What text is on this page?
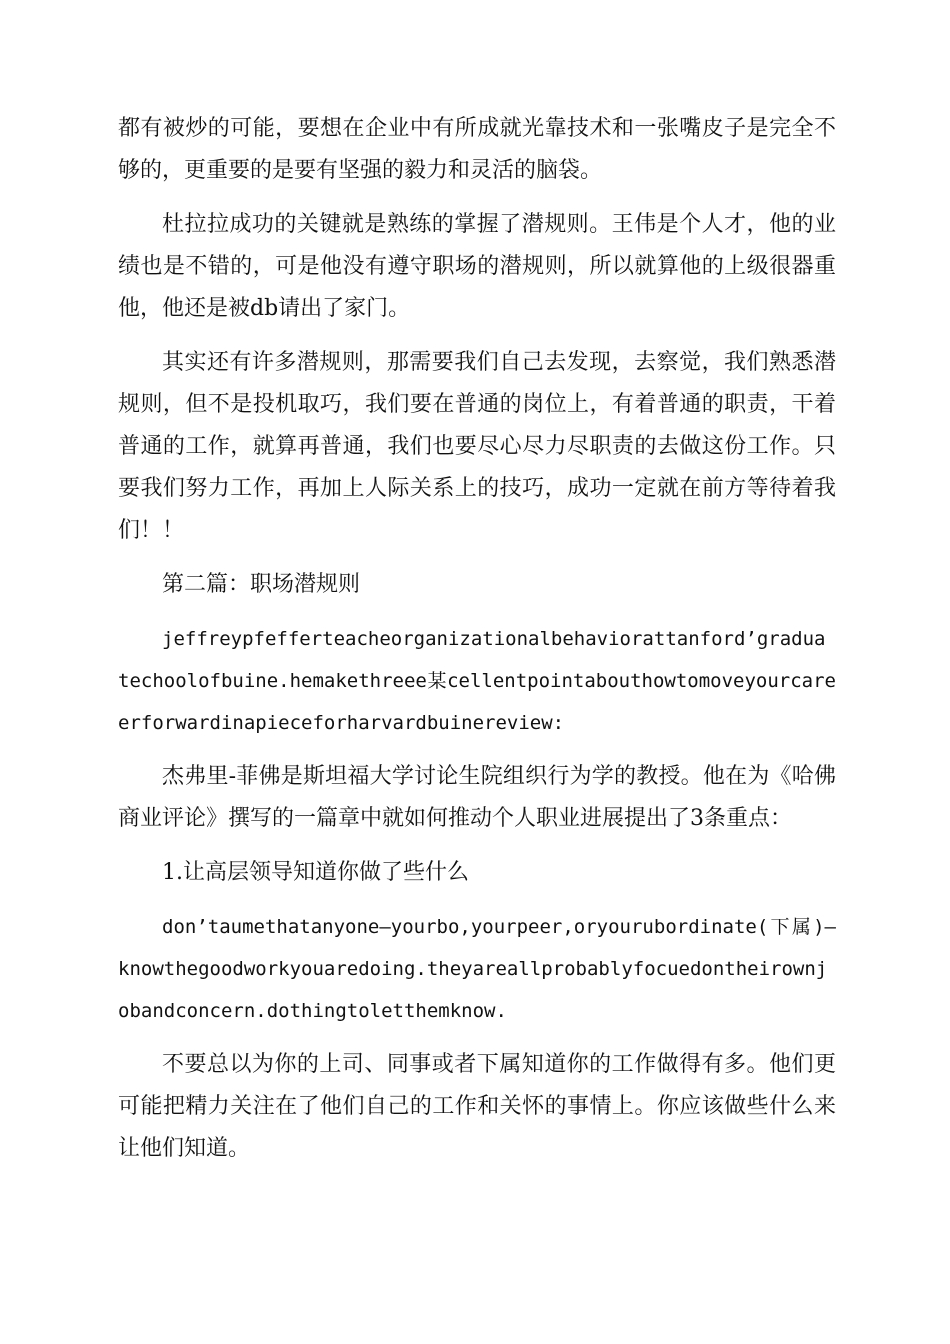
都有被炒的可能，要想在企业中有所成就光靠技术和一张嘴皮子是完全不够的，更重要的是要有坚强的毅力和灵活的脑袋。

杜拉拉成功的关键就是熟练的掌握了潜规则。王伟是个人才，他的业绩也是不错的，可是他没有遵守职场的潜规则，所以就算他的上级很器重他，他还是被db请出了家门。

其实还有许多潜规则，那需要我们自己去发现，去察觉，我们熟悉潜规则，但不是投机取巧，我们要在普通的岗位上，有着普通的职责，干着普通的工作，就算再普通，我们也要尽心尽力尽职责的去做这份工作。只要我们努力工作，再加上人际关系上的技巧，成功一定就在前方等待着我们！！

第二篇：职场潜规则

jeffreypfefferteacheorganizationalbehaviorattanford’graduatechoolofbuine.hemakethreee某cellentpointabouthowtomoveyourcareerforwardinapieceforharvardbuinereview:

杰弗里-菲佛是斯坦福大学讨论生院组织行为学的教授。他在为《哈佛商业评论》撰写的一篇章中就如何推动个人职业进展提出了3条重点：

1.让高层领导知道你做了些什么

don’taumethatanyone—yourbo,yourpeer,oryourubordinate(下属)—knowthegoodworkyouaredoing.theyareallprobablyfocuedontheirownjobandconcern.dothingtoletthemknow.

不要总以为你的上司、同事或者下属知道你的工作做得有多。他们更可能把精力关注在了他们自己的工作和关怀的事情上。你应该做些什么来让他们知道。
